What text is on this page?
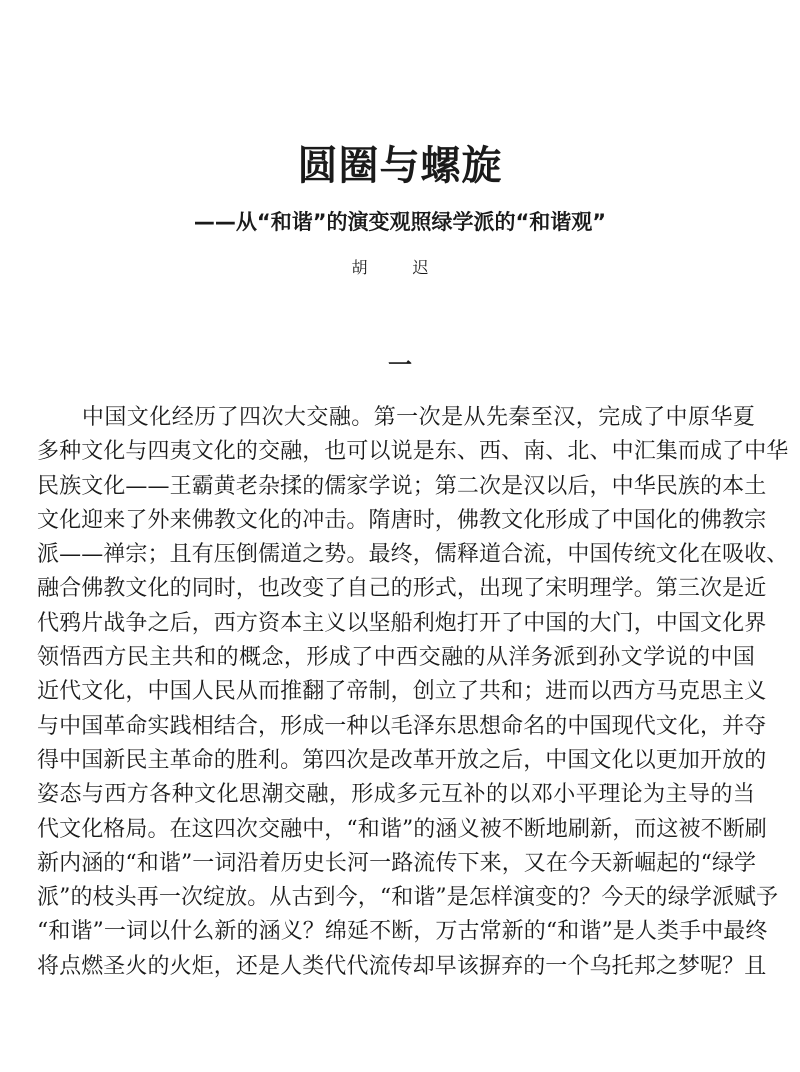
圆圈与螺旋
——从“和谐”的演变观照绿学派的“和谐观”
胡 迟
一
　　中国文化经历了四次大交融。第一次是从先秦至汉，完成了中原华夏
多种文化与四夷文化的交融，也可以说是东、西、南、北、中汇集而成了中华
民族文化——王霸黄老杂揉的儒家学说；第二次是汉以后，中华民族的本土
文化迎来了外来佛教文化的冲击。隋唐时，佛教文化形成了中国化的佛教宗
派——禅宗；且有压倒儒道之势。最终，儒释道合流，中国传统文化在吸收、
融合佛教文化的同时，也改变了自己的形式，出现了宋明理学。第三次是近
代鸦片战争之后，西方资本主义以坚船利炮打开了中国的大门，中国文化界
领悟西方民主共和的概念，形成了中西交融的从洋务派到孙文学说的中国
近代文化，中国人民从而推翻了帝制，创立了共和；进而以西方马克思主义
与中国革命实践相结合，形成一种以毛泽东思想命名的中国现代文化，并夺
得中国新民主革命的胜利。第四次是改革开放之后，中国文化以更加开放的
姿态与西方各种文化思潮交融，形成多元互补的以邓小平理论为主导的当
代文化格局。在这四次交融中，“和谐”的涵义被不断地刷新，而这被不断刷
新内涵的“和谐”一词沿着历史长河一路流传下来，又在今天新崛起的“绿学
派”的枝头再一次绽放。从古到今，“和谐”是怎样演变的？今天的绿学派赋予
“和谐”一词以什么新的涵义？绵延不断，万古常新的“和谐”是人类手中最终
将点燃圣火的火炬，还是人类代代流传却早该摒弃的一个乌托邦之梦呢？且
